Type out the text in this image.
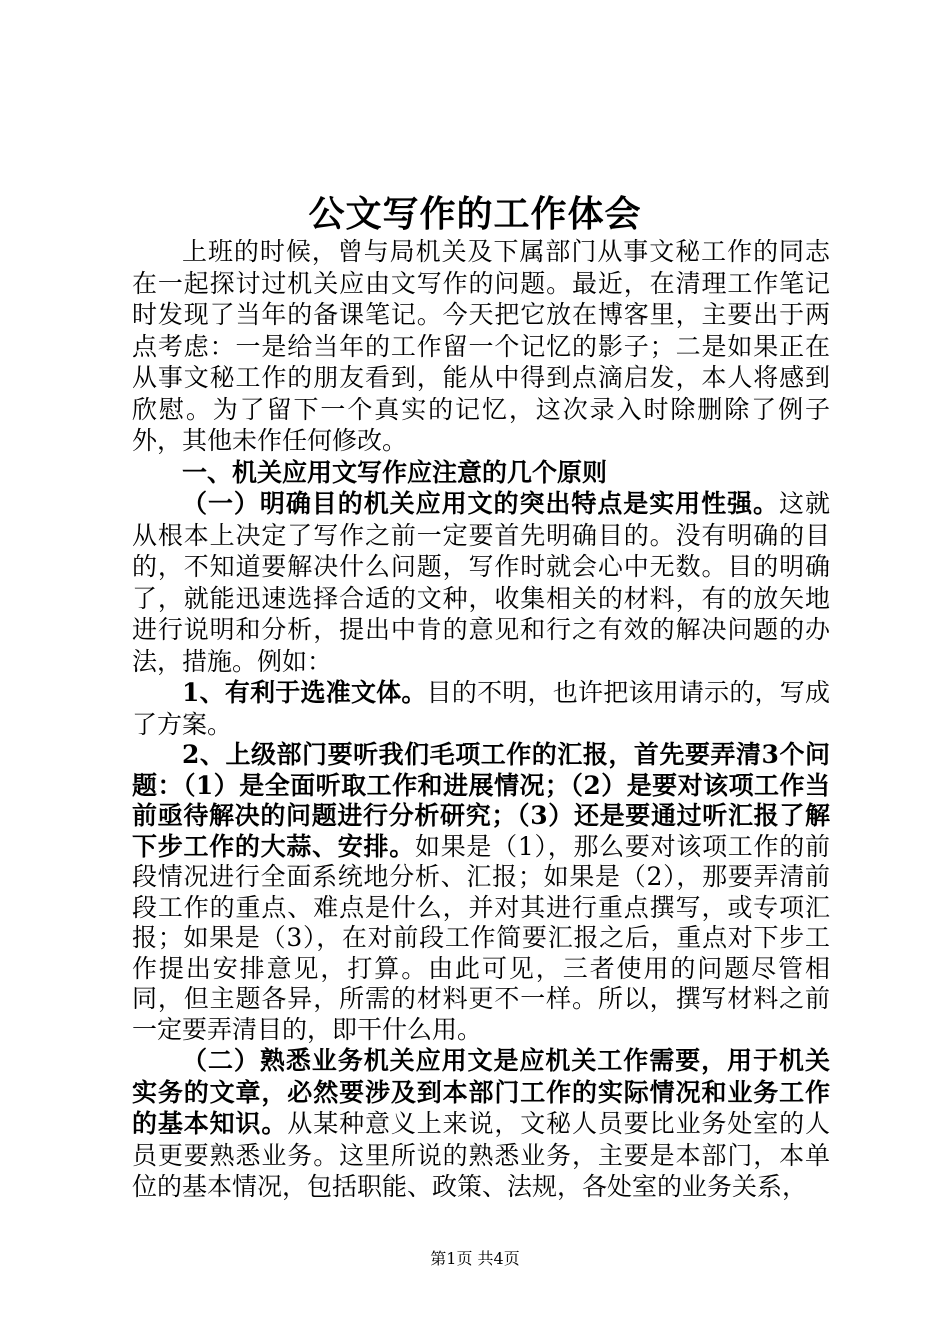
公文写作的工作体会

上班的时候，曾与局机关及下属部门从事文秘工作的同志在一起探讨过机关应由文写作的问题。最近，在清理工作笔记时发现了当年的备课笔记。今天把它放在博客里，主要出于两点考虑：一是给当年的工作留一个记忆的影子；二是如果正在从事文秘工作的朋友看到，能从中得到点滴启发，本人将感到欣慰。为了留下一个真实的记忆，这次录入时除删除了例子外，其他未作任何修改。

一、机关应用文写作应注意的几个原则

（一）明确目的机关应用文的突出特点是实用性强。这就从根本上决定了写作之前一定要首先明确目的。没有明确的目的，不知道要解决什么问题，写作时就会心中无数。目的明确了，就能迅速选择合适的文种，收集相关的材料，有的放矢地进行说明和分析，提出中肯的意见和行之有效的解决问题的办法，措施。例如：

1、有利于选准文体。目的不明，也许把该用请示的，写成了方案。

2、上级部门要听我们毛项工作的汇报，首先要弄清3个问题：（1）是全面听取工作和进展情况；（2）是要对该项工作当前亟待解决的问题进行分析研究；（3）还是要通过听汇报了解下步工作的大蒜、安排。如果是（1），那么要对该项工作的前段情况进行全面系统地分析、汇报；如果是（2），那要弄清前段工作的重点、难点是什么，并对其进行重点撰写，或专项汇报；如果是（3），在对前段工作简要汇报之后，重点对下步工作提出安排意见，打算。由此可见，三者使用的问题尽管相同，但主题各异，所需的材料更不一样。所以，撰写材料之前一定要弄清目的，即干什么用。

（二）熟悉业务机关应用文是应机关工作需要，用于机关实务的文章，必然要涉及到本部门工作的实际情况和业务工作的基本知识。从某种意义上来说，文秘人员要比业务处室的人员更要熟悉业务。这里所说的熟悉业务，主要是本部门，本单位的基本情况，包括职能、政策、法规，各处室的业务关系，

第1页 共4页
